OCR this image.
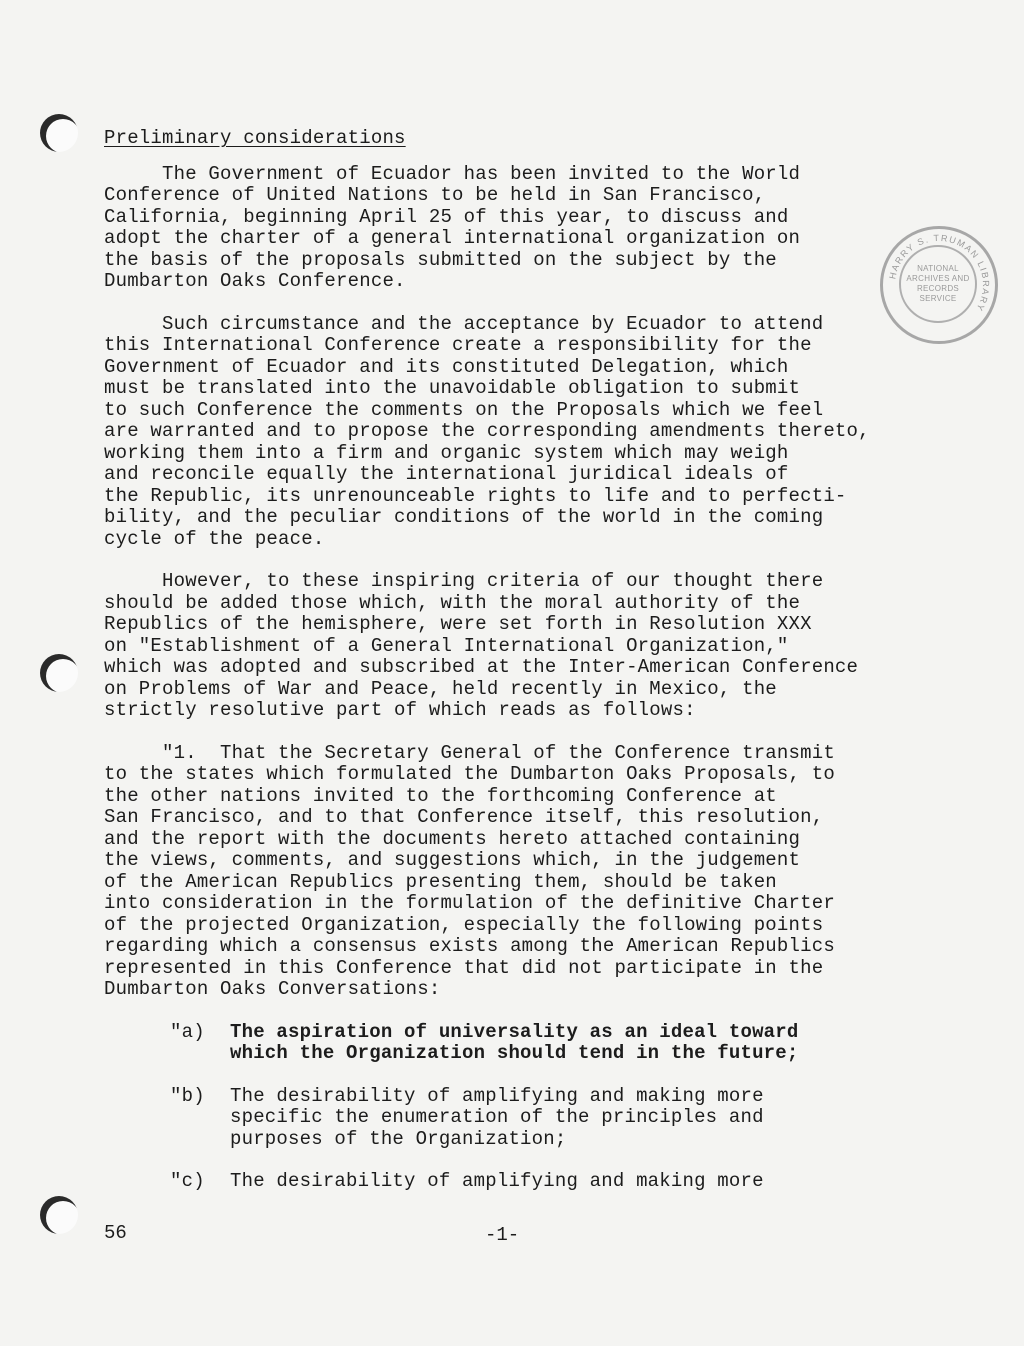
HARRY S. TRUMAN LIBRARY
NATIONAL
ARCHIVES AND
RECORDS
SERVICE
Preliminary considerations

The Government of Ecuador has been invited to the World
Conference of United Nations to be held in San Francisco,
California, beginning April 25 of this year, to discuss and
adopt the charter of a general international organization on
the basis of the proposals submitted on the subject by the
Dumbarton Oaks Conference.

Such circumstance and the acceptance by Ecuador to attend
this International Conference create a responsibility for the
Government of Ecuador and its constituted Delegation, which
must be translated into the unavoidable obligation to submit
to such Conference the comments on the Proposals which we feel
are warranted and to propose the corresponding amendments thereto,
working them into a firm and organic system which may weigh
and reconcile equally the international juridical ideals of
the Republic, its unrenounceable rights to life and to perfecti-
bility, and the peculiar conditions of the world in the coming
cycle of the peace.

However, to these inspiring criteria of our thought there
should be added those which, with the moral authority of the
Republics of the hemisphere, were set forth in Resolution XXX
on "Establishment of a General International Organization,"
which was adopted and subscribed at the Inter-American Conference
on Problems of War and Peace, held recently in Mexico, the
strictly resolutive part of which reads as follows:

"1.  That the Secretary General of the Conference transmit
to the states which formulated the Dumbarton Oaks Proposals, to
the other nations invited to the forthcoming Conference at
San Francisco, and to that Conference itself, this resolution,
and the report with the documents hereto attached containing
the views, comments, and suggestions which, in the judgement
of the American Republics presenting them, should be taken
into consideration in the formulation of the definitive Charter
of the projected Organization, especially the following points
regarding which a consensus exists among the American Republics
represented in this Conference that did not participate in the
Dumbarton Oaks Conversations:

"a)	The aspiration of universality as an ideal toward
which the Organization should tend in the future;
"b)	The desirability of amplifying and making more
specific the enumeration of the principles and
purposes of the Organization;
"c)	The desirability of amplifying and making more
56	-1-
